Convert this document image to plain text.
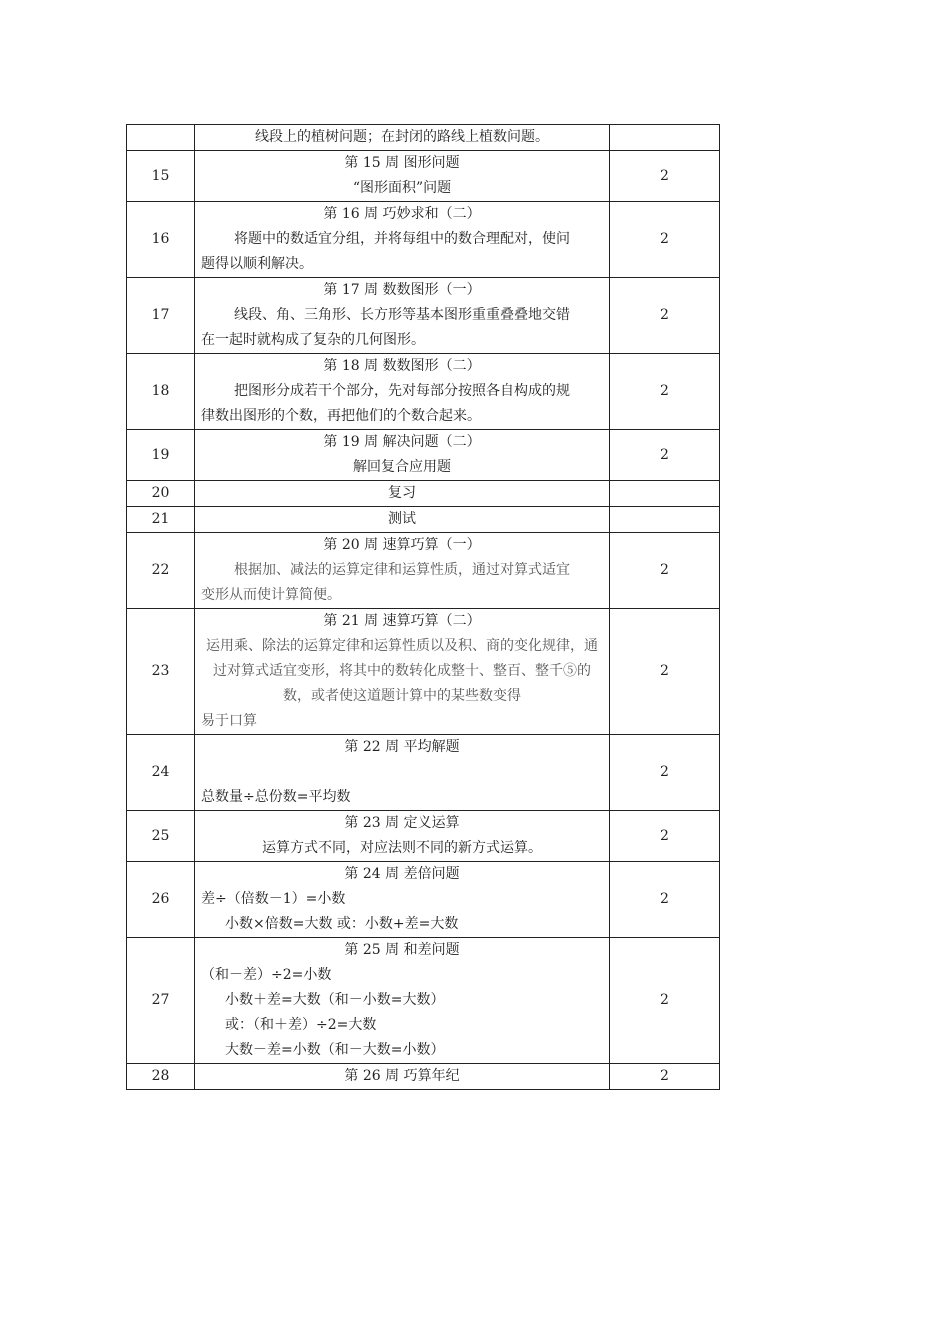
	线段上的植树问题；在封闭的路线上植数问题。	

15	第 15 周 图形问题
“图形面积”问题	2
16	第 16 周 巧妙求和（二）
将题中的数适宜分组，并将每组中的数合理配对，使问
题得以顺利解决。	2
17	第 17 周 数数图形（一）
线段、角、三角形、长方形等基本图形重重叠叠地交错
在一起时就构成了复杂的几何图形。	2
18	第 18 周 数数图形（二）
把图形分成若干个部分，先对每部分按照各自构成的规
律数出图形的个数，再把他们的个数合起来。	2
19	第 19 周 解决问题（二）
解回复合应用题	2
20	复习	

21	测试	

22	第 20 周 速算巧算（一）
根据加、减法的运算定律和运算性质，通过对算式适宜
变形从而使计算简便。	2
23	第 21 周 速算巧算（二）
运用乘、除法的运算定律和运算性质以及积、商的变化规律，通过对算式适宜变形，将其中的数转化成整十、整百、整千⑤的数，或者使这道题计算中的某些数变得
易于口算	2
24	第 22 周 平均解题
总数量÷总份数=平均数	2
25	第 23 周 定义运算
运算方式不同，对应法则不同的新方式运算。	2
26	第 24 周 差倍问题
差÷（倍数－1）=小数
小数×倍数=大数 或：小数+差=大数	2
27	第 25 周 和差问题
（和－差）÷2=小数
小数＋差=大数（和－小数=大数）
或：（和＋差）÷2=大数
大数－差=小数（和－大数=小数）	2
28	第 26 周 巧算年纪	2
